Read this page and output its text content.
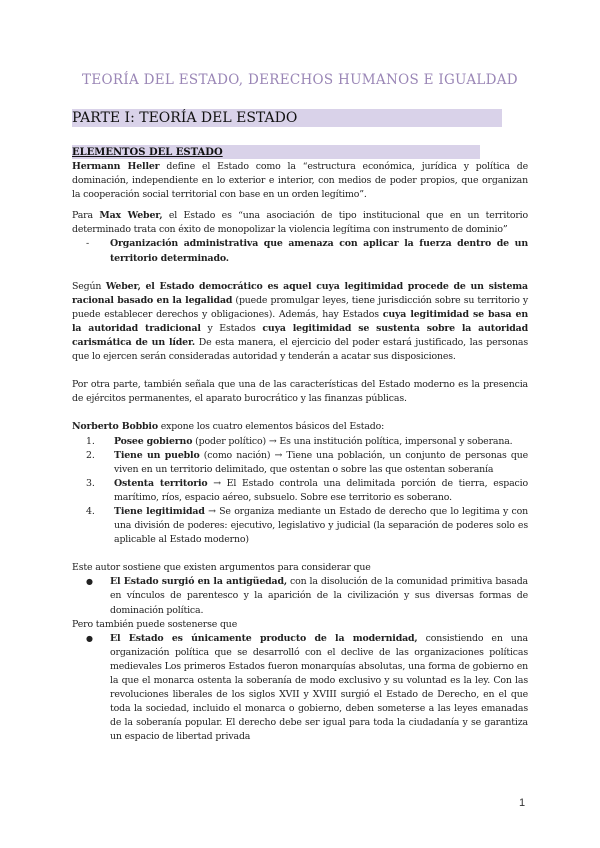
TEORÍA DEL ESTADO, DERECHOS HUMANOS E IGUALDAD
PARTE I: TEORÍA DEL ESTADO
ELEMENTOS DEL ESTADO

Hermann Heller define el Estado como la “estructura económica, jurídica y política de dominación, independiente en lo exterior e interior, con medios de poder propios, que organizan la cooperación social territorial con base en un orden legítimo”.

Para Max Weber, el Estado es “una asociación de tipo institucional que en un territorio determinado trata con éxito de monopolizar la violencia legítima con instrumento de dominio”

-	Organización administrativa que amenaza con aplicar la fuerza dentro de un territorio determinado.

Según Weber, el Estado democrático es aquel cuya legitimidad procede de un sistema racional basado en la legalidad (puede promulgar leyes, tiene jurisdicción sobre su territorio y puede establecer derechos y obligaciones). Además, hay Estados cuya legitimidad se basa en la autoridad tradicional y Estados cuya legitimidad se sustenta sobre la autoridad carismática de un líder. De esta manera, el ejercicio del poder estará justificado, las personas que lo ejercen serán consideradas autoridad y tenderán a acatar sus disposiciones.

Por otra parte, también señala que una de las características del Estado moderno es la presencia de ejércitos permanentes, el aparato burocrático y las finanzas públicas.

Norberto Bobbio expone los cuatro elementos básicos del Estado:

1.	Posee gobierno (poder político) → Es una institución política, impersonal y soberana.
2.	Tiene un pueblo (como nación) → Tiene una población, un conjunto de personas que viven en un territorio delimitado, que ostentan o sobre las que ostentan soberanía
3.	Ostenta territorio → El Estado controla una delimitada porción de tierra, espacio marítimo, ríos, espacio aéreo, subsuelo. Sobre ese territorio es soberano.
4.	Tiene legitimidad → Se organiza mediante un Estado de derecho que lo legitima y con una división de poderes: ejecutivo, legislativo y judicial (la separación de poderes solo es aplicable al Estado moderno)

Este autor sostiene que existen argumentos para considerar que

●	El Estado surgió en la antigüedad, con la disolución de la comunidad primitiva basada en vínculos de parentesco y la aparición de la civilización y sus diversas formas de dominación política.

Pero también puede sostenerse que

●	El Estado es únicamente producto de la modernidad, consistiendo en una organización política que se desarrolló con el declive de las organizaciones políticas medievales Los primeros Estados fueron monarquías absolutas, una forma de gobierno en la que el monarca ostenta la soberanía de modo exclusivo y su voluntad es la ley. Con las revoluciones liberales de los siglos XVII y XVIII surgió el Estado de Derecho, en el que toda la sociedad, incluido el monarca o gobierno, deben someterse a las leyes emanadas de la soberanía popular. El derecho debe ser igual para toda la ciudadanía y se garantiza un espacio de libertad privada
1
